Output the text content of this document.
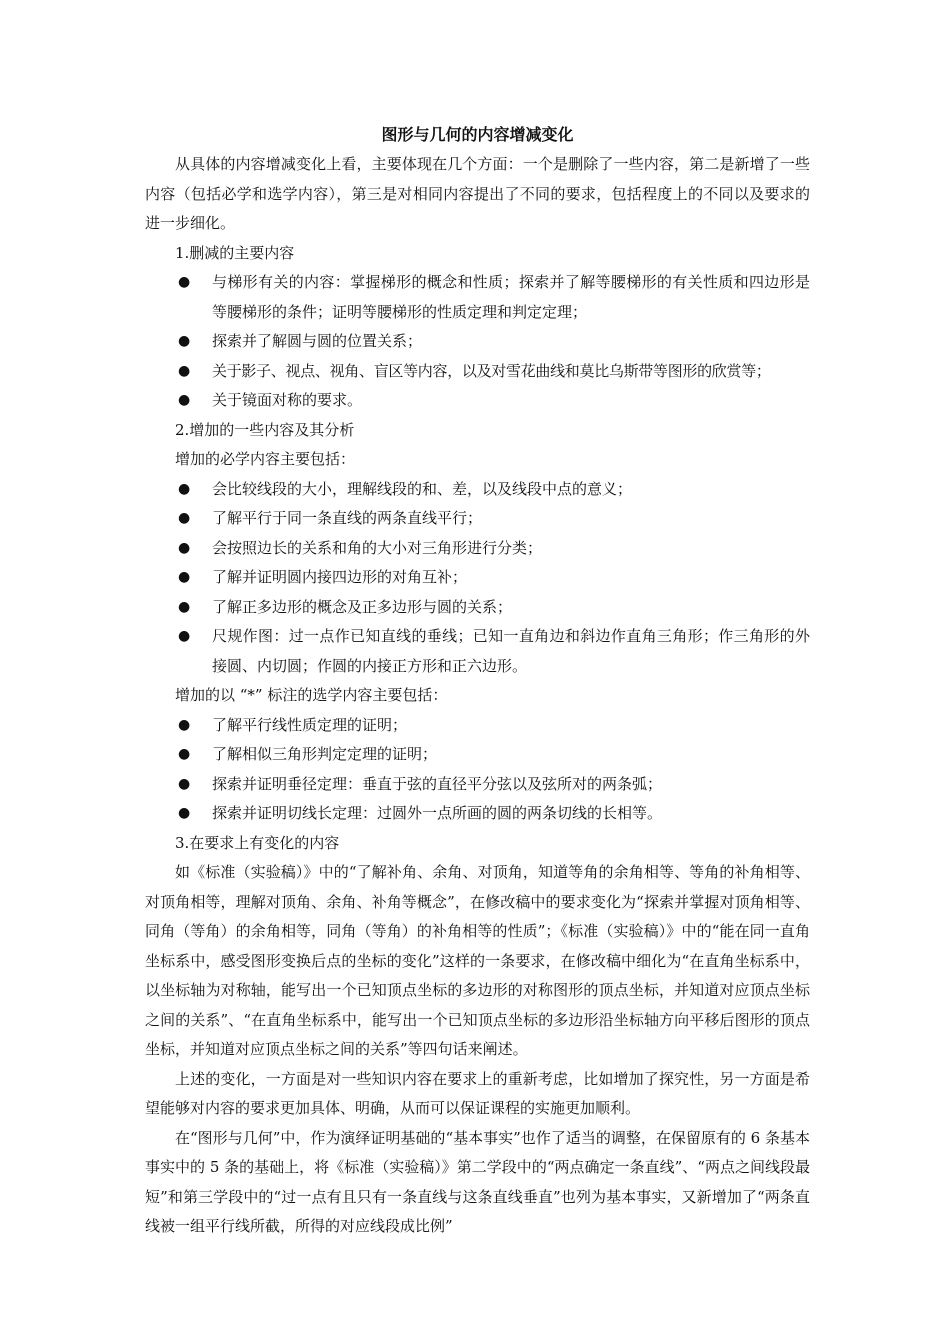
图形与几何的内容增减变化

从具体的内容增减变化上看，主要体现在几个方面：一个是删除了一些内容，第二是新增了一些内容（包括必学和选学内容），第三是对相同内容提出了不同的要求，包括程度上的不同以及要求的进一步细化。

1.删减的主要内容

● 与梯形有关的内容：掌握梯形的概念和性质；探索并了解等腰梯形的有关性质和四边形是等腰梯形的条件；证明等腰梯形的性质定理和判定定理；
● 探索并了解圆与圆的位置关系；
● 关于影子、视点、视角、盲区等内容，以及对雪花曲线和莫比乌斯带等图形的欣赏等；
● 关于镜面对称的要求。

2.增加的一些内容及其分析

增加的必学内容主要包括：

● 会比较线段的大小，理解线段的和、差，以及线段中点的意义；
● 了解平行于同一条直线的两条直线平行；
● 会按照边长的关系和角的大小对三角形进行分类；
● 了解并证明圆内接四边形的对角互补；
● 了解正多边形的概念及正多边形与圆的关系；
● 尺规作图：过一点作已知直线的垂线；已知一直角边和斜边作直角三角形；作三角形的外接圆、内切圆；作圆的内接正方形和正六边形。

增加的以 “*” 标注的选学内容主要包括：

● 了解平行线性质定理的证明；
● 了解相似三角形判定定理的证明；
● 探索并证明垂径定理：垂直于弦的直径平分弦以及弦所对的两条弧；
● 探索并证明切线长定理：过圆外一点所画的圆的两条切线的长相等。

3.在要求上有变化的内容

如《标准（实验稿）》中的“了解补角、余角、对顶角，知道等角的余角相等、等角的补角相等、对顶角相等，理解对顶角、余角、补角等概念”，在修改稿中的要求变化为“探索并掌握对顶角相等、同角（等角）的余角相等，同角（等角）的补角相等的性质”；《标准（实验稿）》中的“能在同一直角坐标系中，感受图形变换后点的坐标的变化”这样的一条要求，在修改稿中细化为“在直角坐标系中，以坐标轴为对称轴，能写出一个已知顶点坐标的多边形的对称图形的顶点坐标，并知道对应顶点坐标之间的关系”、“在直角坐标系中，能写出一个已知顶点坐标的多边形沿坐标轴方向平移后图形的顶点坐标，并知道对应顶点坐标之间的关系”等四句话来阐述。

上述的变化，一方面是对一些知识内容在要求上的重新考虑，比如增加了探究性，另一方面是希望能够对内容的要求更加具体、明确，从而可以保证课程的实施更加顺利。

在“图形与几何”中，作为演绎证明基础的“基本事实”也作了适当的调整，在保留原有的 6 条基本事实中的 5 条的基础上，将《标准（实验稿）》第二学段中的“两点确定一条直线”、“两点之间线段最短”和第三学段中的“过一点有且只有一条直线与这条直线垂直”也列为基本事实，又新增加了“两条直线被一组平行线所截，所得的对应线段成比例”
